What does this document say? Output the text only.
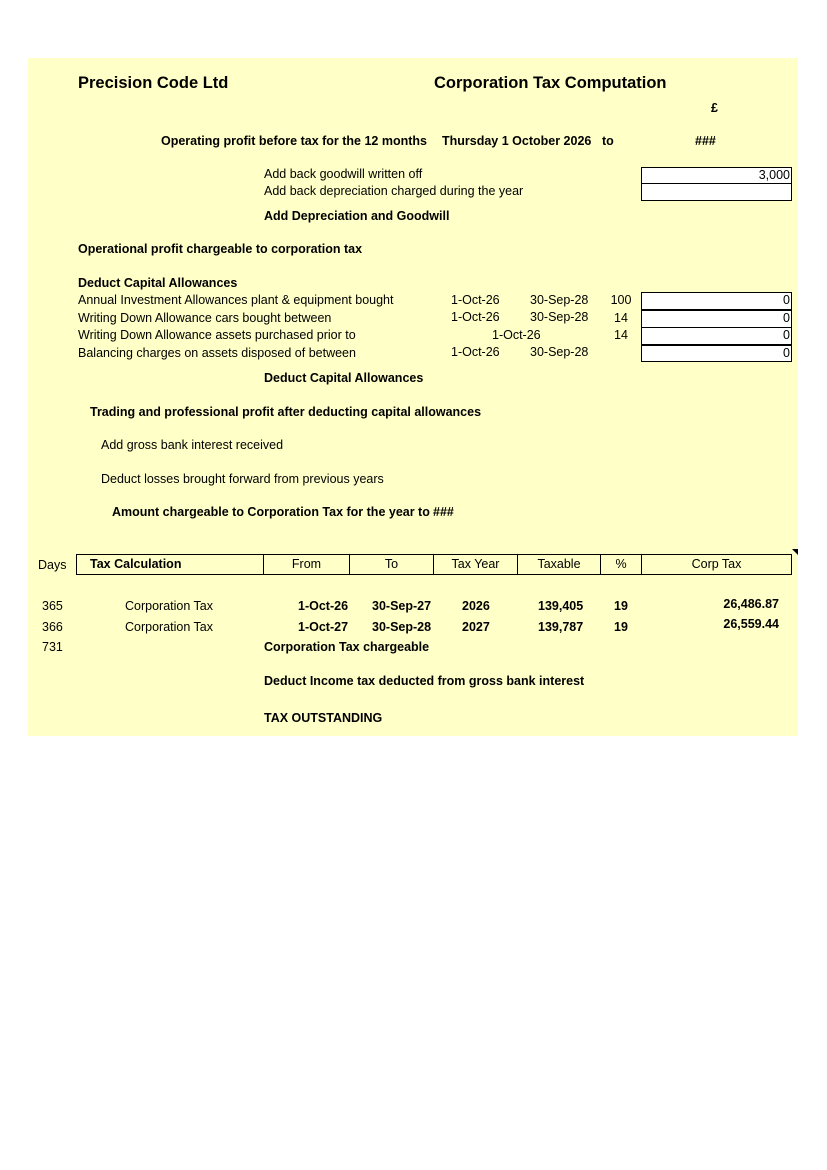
Precision Code Ltd	Corporation Tax Computation
£
Operating profit before tax for the 12 months Thursday 1 October 2026 to	###
Add back goodwill written off	3,000
Add back depreciation charged during the year
Add Depreciation and Goodwill
Operational profit chargeable to corporation tax
Deduct Capital Allowances
Annual Investment Allowances plant & equipment bought	1-Oct-26 30-Sep-28	100	0
Writing Down Allowance cars bought between	1-Oct-26 30-Sep-28	14	0
Writing Down Allowance assets purchased prior to	1-Oct-26	14	0
Balancing charges on assets disposed of between	1-Oct-26 30-Sep-28	0
Deduct Capital Allowances
Trading and professional profit after deducting capital allowances
Add gross bank interest received
Deduct losses brought forward from previous years
Amount chargeable to Corporation Tax for the year to ###
Days	Tax Calculation	From	To	Tax Year	Taxable	%	Corp Tax
365	Corporation Tax	1-Oct-26 30-Sep-27 2026	139,405	19	26,486.87
366	Corporation Tax	1-Oct-27 30-Sep-28 2027	139,787	19	26,559.44
731	Corporation Tax chargeable
Deduct Income tax deducted from gross bank interest
TAX OUTSTANDING
